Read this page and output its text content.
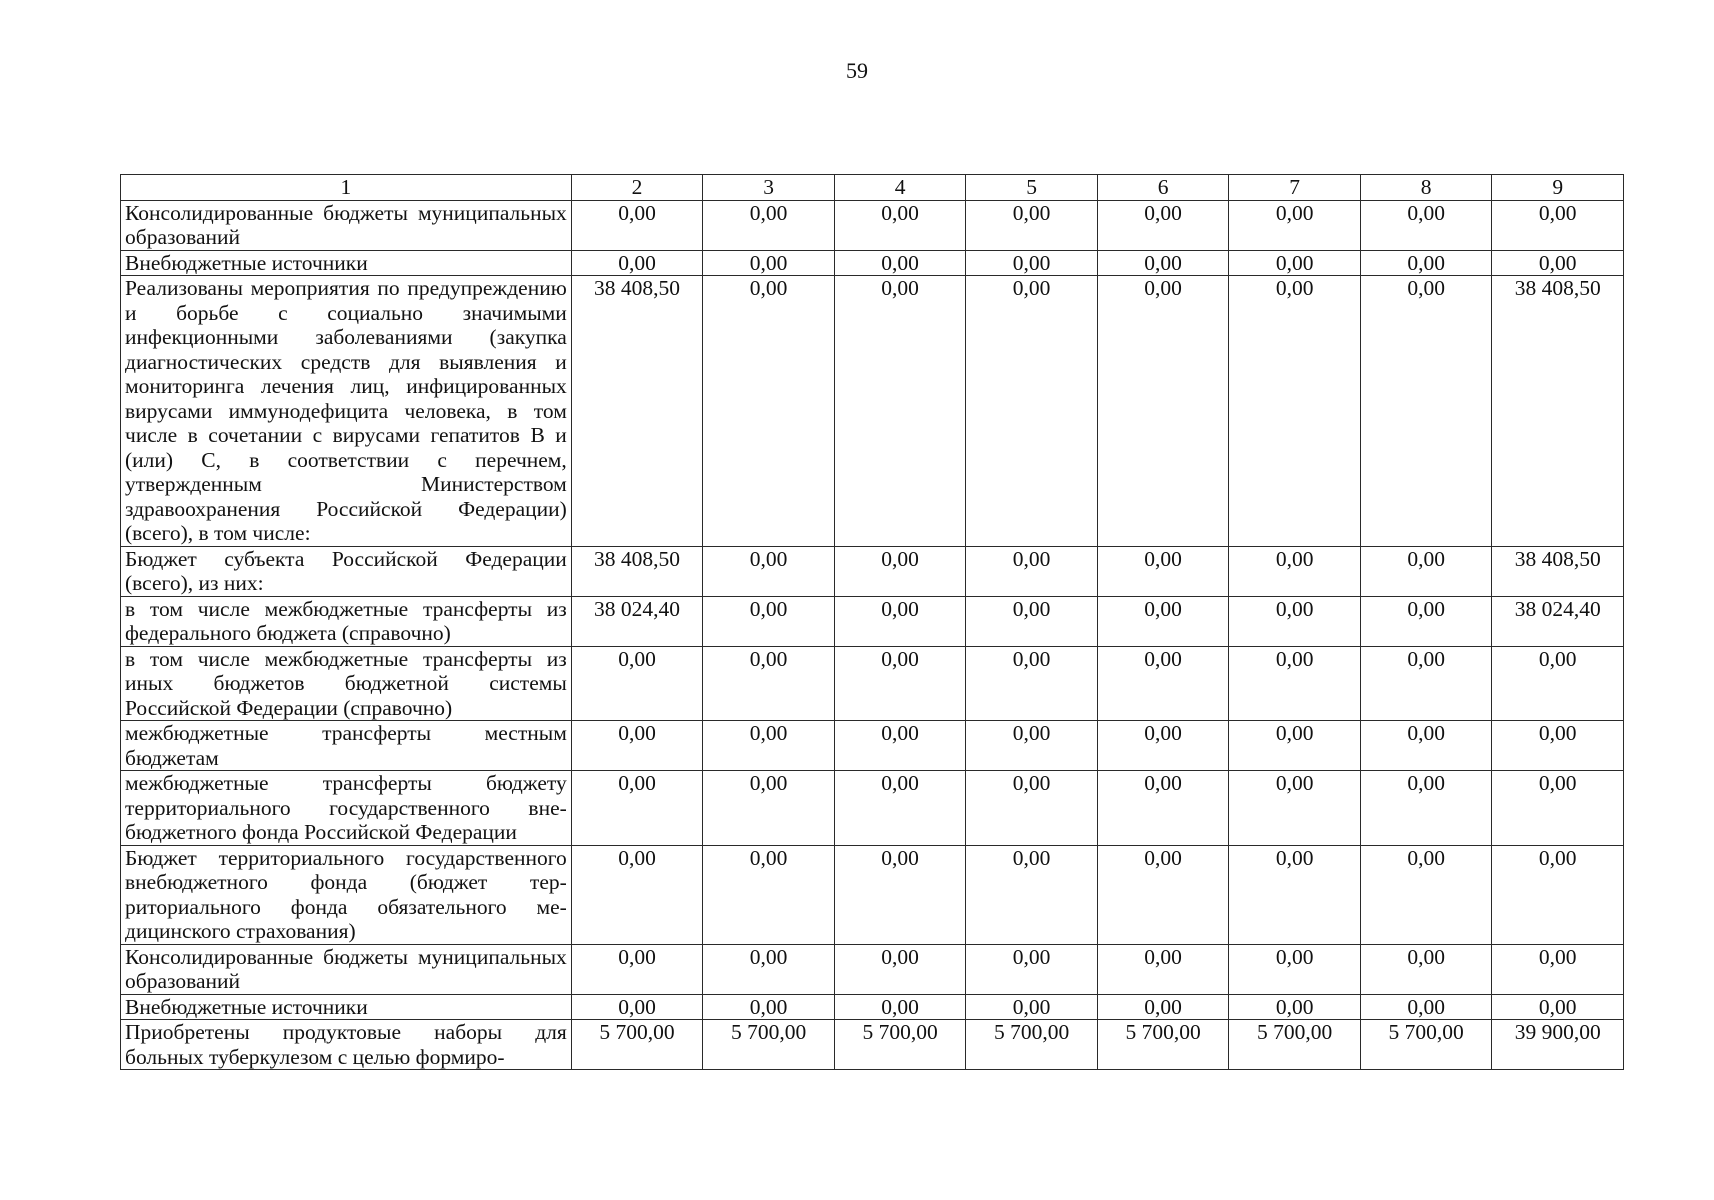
59
1	2	3	4	5	6	7	8	9
Консолидированные бюджеты муниципальных образований	0,00	0,00	0,00	0,00	0,00	0,00	0,00	0,00
Внебюджетные источники	0,00	0,00	0,00	0,00	0,00	0,00	0,00	0,00
Реализованы мероприятия по предупреждению и борьбе с социально значимыми инфекционными заболеваниями (закупка диагностических средств для выявления и мониторинга лечения лиц, инфицированных вирусами иммунодефицита человека, в том числе в сочетании с вирусами гепатитов В и (или) С, в соответствии с перечнем, утвержденным Министерством здравоохранения Российской Федерации) (всего), в том числе:	38 408,50	0,00	0,00	0,00	0,00	0,00	0,00	38 408,50
Бюджет субъекта Российской Федерации (всего), из них:	38 408,50	0,00	0,00	0,00	0,00	0,00	0,00	38 408,50
в том числе межбюджетные трансферты из федерального бюджета (справочно)	38 024,40	0,00	0,00	0,00	0,00	0,00	0,00	38 024,40
в том числе межбюджетные трансферты из иных бюджетов бюджетной системы Российской Федерации (справочно)	0,00	0,00	0,00	0,00	0,00	0,00	0,00	0,00
межбюджетные трансферты местным бюджетам	0,00	0,00	0,00	0,00	0,00	0,00	0,00	0,00
межбюджетные трансферты бюджету территориального государственного внебюджетного фонда Российской Федерации	0,00	0,00	0,00	0,00	0,00	0,00	0,00	0,00
Бюджет территориального государственного внебюджетного фонда (бюджет территориального фонда обязательного медицинского страхования)	0,00	0,00	0,00	0,00	0,00	0,00	0,00	0,00
Консолидированные бюджеты муниципальных образований	0,00	0,00	0,00	0,00	0,00	0,00	0,00	0,00
Внебюджетные источники	0,00	0,00	0,00	0,00	0,00	0,00	0,00	0,00
Приобретены продуктовые наборы для больных туберкулезом с целью формиро-	5 700,00	5 700,00	5 700,00	5 700,00	5 700,00	5 700,00	5 700,00	39 900,00
